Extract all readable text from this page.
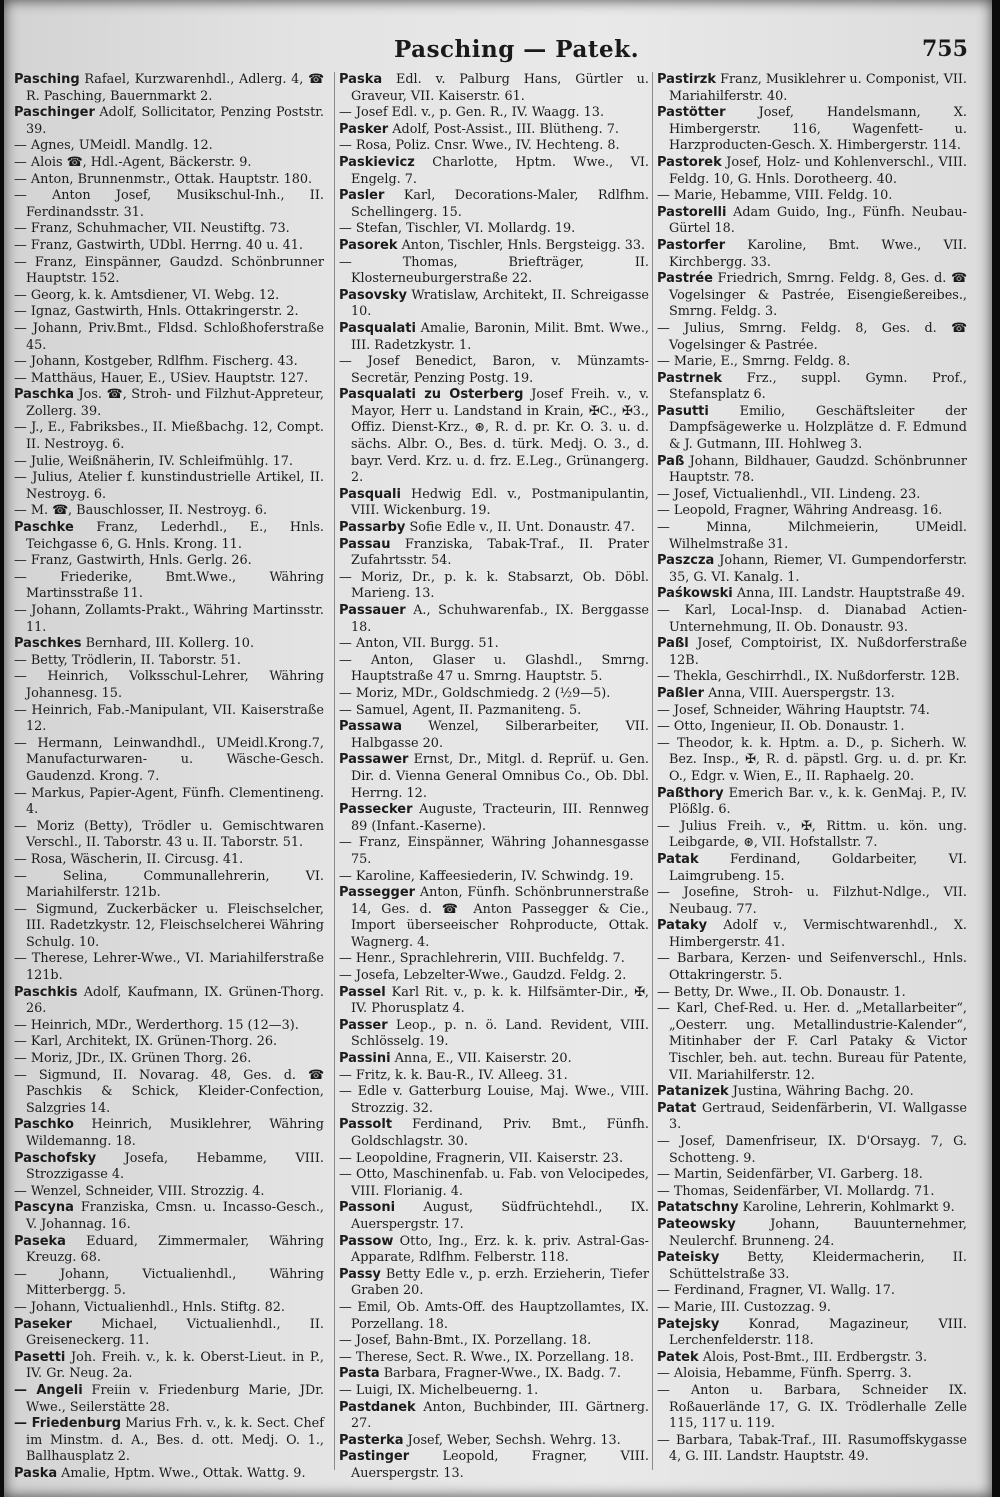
Pasching — Patek.	755

Pasching Rafael, Kurzwarenhdl., Adlerg. 4, ☎ R. Pasching, Bauernmarkt 2.

Paschinger Adolf, Sollicitator, Penzing Poststr. 39.

— Agnes, UMeidl. Mandlg. 12.

— Alois ☎, Hdl.-Agent, Bäckerstr. 9.

— Anton, Brunnenmstr., Ottak. Hauptstr. 180.

— Anton Josef, Musikschul-Inh., II. Ferdinandsstr. 31.

— Franz, Schuhmacher, VII. Neustiftg. 73.

— Franz, Gastwirth, UDbl. Herrng. 40 u. 41.

— Franz, Einspänner, Gaudzd. Schönbrunner Hauptstr. 152.

— Georg, k. k. Amtsdiener, VI. Webg. 12.

— Ignaz, Gastwirth, Hnls. Ottakringerstr. 2.

— Johann, Priv.Bmt., Fldsd. Schloßhoferstraße 45.

— Johann, Kostgeber, Rdlfhm. Fischerg. 43.

— Matthäus, Hauer, E., USiev. Hauptstr. 127.

Paschka Jos. ☎, Stroh- und Filzhut-Appreteur, Zollerg. 39.

— J., E., Fabriksbes., II. Mießbachg. 12, Compt. II. Nestroyg. 6.

— Julie, Weißnäherin, IV. Schleifmühlg. 17.

— Julius, Atelier f. kunstindustrielle Artikel, II. Nestroyg. 6.

— M. ☎, Bauschlosser, II. Nestroyg. 6.

Paschke Franz, Lederhdl., E., Hnls. Teichgasse 6, G. Hnls. Krong. 11.

— Franz, Gastwirth, Hnls. Gerlg. 26.

— Friederike, Bmt.Wwe., Währing Martinsstraße 11.

— Johann, Zollamts-Prakt., Währing Martinsstr. 11.

Paschkes Bernhard, III. Kollerg. 10.

— Betty, Trödlerin, II. Taborstr. 51.

— Heinrich, Volksschul-Lehrer, Währing Johannesg. 15.

— Heinrich, Fab.-Manipulant, VII. Kaiserstraße 12.

— Hermann, Leinwandhdl., UMeidl.Krong.7, Manufacturwaren- u. Wäsche-Gesch. Gaudenzd. Krong. 7.

— Markus, Papier-Agent, Fünfh. Clementineng. 4.

— Moriz (Betty), Trödler u. Gemischtwaren Verschl., II. Taborstr. 43 u. II. Taborstr. 51.

— Rosa, Wäscherin, II. Circusg. 41.

— Selina, Communallehrerin, VI. Mariahilferstr. 121b.

— Sigmund, Zuckerbäcker u. Fleischselcher, III. Radetzkystr. 12, Fleischselcherei Währing Schulg. 10.

— Therese, Lehrer-Wwe., VI. Mariahilferstraße 121b.

Paschkis Adolf, Kaufmann, IX. Grünen-Thorg. 26.

— Heinrich, MDr., Werderthorg. 15 (12—3).

— Karl, Architekt, IX. Grünen-Thorg. 26.

— Moriz, JDr., IX. Grünen Thorg. 26.

— Sigmund, II. Novarag. 48, Ges. d. ☎ Paschkis & Schick, Kleider-Confection, Salzgries 14.

Paschko Heinrich, Musiklehrer, Währing Wildemanng. 18.

Paschofsky Josefa, Hebamme, VIII. Strozzigasse 4.

— Wenzel, Schneider, VIII. Strozzig. 4.

Pascyna Franziska, Cmsn. u. Incasso-Gesch., V. Johannag. 16.

Paseka Eduard, Zimmermaler, Währing Kreuzg. 68.

— Johann, Victualienhdl., Währing Mitterbergg. 5.

— Johann, Victualienhdl., Hnls. Stiftg. 82.

Paseker Michael, Victualienhdl., II. Greiseneckerg. 11.

Pasetti Joh. Freih. v., k. k. Oberst-Lieut. in P., IV. Gr. Neug. 2a.

— Angeli Freiin v. Friedenburg Marie, JDr. Wwe., Seilerstätte 28.

— Friedenburg Marius Frh. v., k. k. Sect. Chef im Minstm. d. A., Bes. d. ott. Medj. O. 1., Ballhausplatz 2.

Paska Amalie, Hptm. Wwe., Ottak. Wattg. 9.

Paska Edl. v. Palburg Hans, Gürtler u. Graveur, VII. Kaiserstr. 61.

— Josef Edl. v., p. Gen. R., IV. Waagg. 13.

Pasker Adolf, Post-Assist., III. Blütheng. 7.

— Rosa, Poliz. Cnsr. Wwe., IV. Hechteng. 8.

Paskievicz Charlotte, Hptm. Wwe., VI. Engelg. 7.

Pasler Karl, Decorations-Maler, Rdlfhm. Schellingerg. 15.

— Stefan, Tischler, VI. Mollardg. 19.

Pasorek Anton, Tischler, Hnls. Bergsteigg. 33.

— Thomas, Briefträger, II. Klosterneuburgerstraße 22.

Pasovsky Wratislaw, Architekt, II. Schreigasse 10.

Pasqualati Amalie, Baronin, Milit. Bmt. Wwe., III. Radetzkystr. 1.

— Josef Benedict, Baron, v. Münzamts-Secretär, Penzing Postg. 19.

Pasqualati zu Osterberg Josef Freih. v., v. Mayor, Herr u. Landstand in Krain, ✠C., ✠3., Offiz. Dienst-Krz., ⊛, R. d. pr. Kr. O. 3. u. d. sächs. Albr. O., Bes. d. türk. Medj. O. 3., d. bayr. Verd. Krz. u. d. frz. E.Leg., Grünangerg. 2.

Pasquali Hedwig Edl. v., Postmanipulantin, VIII. Wickenburg. 19.

Passarby Sofie Edle v., II. Unt. Donaustr. 47.

Passau Franziska, Tabak-Traf., II. Prater Zufahrtsstr. 54.

— Moriz, Dr., p. k. k. Stabsarzt, Ob. Döbl. Marieng. 13.

Passauer A., Schuhwarenfab., IX. Berggasse 18.

— Anton, VII. Burgg. 51.

— Anton, Glaser u. Glashdl., Smrng. Hauptstraße 47 u. Smrng. Hauptstr. 5.

— Moriz, MDr., Goldschmiedg. 2 (½9—5).

— Samuel, Agent, II. Pazmaniteng. 5.

Passawa Wenzel, Silberarbeiter, VII. Halbgasse 20.

Passawer Ernst, Dr., Mitgl. d. Reprüf. u. Gen. Dir. d. Vienna General Omnibus Co., Ob. Dbl. Herrng. 12.

Passecker Auguste, Tracteurin, III. Rennweg 89 (Infant.-Kaserne).

— Franz, Einspänner, Währing Johannesgasse 75.

— Karoline, Kaffeesiederin, IV. Schwindg. 19.

Passegger Anton, Fünfh. Schönbrunnerstraße 14, Ges. d. ☎ Anton Passegger & Cie., Import überseeischer Rohproducte, Ottak. Wagnerg. 4.

— Henr., Sprachlehrerin, VIII. Buchfeldg. 7.

— Josefa, Lebzelter-Wwe., Gaudzd. Feldg. 2.

Passel Karl Rit. v., p. k. k. Hilfsämter-Dir., ✠, IV. Phorusplatz 4.

Passer Leop., p. n. ö. Land. Revident, VIII. Schlösselg. 19.

Passini Anna, E., VII. Kaiserstr. 20.

— Fritz, k. k. Bau-R., IV. Alleeg. 31.

— Edle v. Gatterburg Louise, Maj. Wwe., VIII. Strozzig. 32.

Passolt Ferdinand, Priv. Bmt., Fünfh. Goldschlagstr. 30.

— Leopoldine, Fragnerin, VII. Kaiserstr. 23.

— Otto, Maschinenfab. u. Fab. von Velocipedes, VIII. Florianig. 4.

Passoni August, Südfrüchtehdl., IX. Auerspergstr. 17.

Passow Otto, Ing., Erz. k. k. priv. Astral-Gas-Apparate, Rdlfhm. Felberstr. 118.

Passy Betty Edle v., p. erzh. Erzieherin, Tiefer Graben 20.

— Emil, Ob. Amts-Off. des Hauptzollamtes, IX. Porzellang. 18.

— Josef, Bahn-Bmt., IX. Porzellang. 18.

— Therese, Sect. R. Wwe., IX. Porzellang. 18.

Pasta Barbara, Fragner-Wwe., IX. Badg. 7.

— Luigi, IX. Michelbeuerng. 1.

Pastdanek Anton, Buchbinder, III. Gärtnerg. 27.

Pasterka Josef, Weber, Sechsh. Wehrg. 13.

Pastinger Leopold, Fragner, VIII. Auerspergstr. 13.

Pastirzk Franz, Musiklehrer u. Componist, VII. Mariahilferstr. 40.

Pastötter Josef, Handelsmann, X. Himbergerstr. 116, Wagenfett- u. Harzproducten-Gesch. X. Himbergerstr. 114.

Pastorek Josef, Holz- und Kohlenverschl., VIII. Feldg. 10, G. Hnls. Dorotheerg. 40.

— Marie, Hebamme, VIII. Feldg. 10.

Pastorelli Adam Guido, Ing., Fünfh. Neubau-Gürtel 18.

Pastorfer Karoline, Bmt. Wwe., VII. Kirchbergg. 33.

Pastrée Friedrich, Smrng. Feldg. 8, Ges. d. ☎ Vogelsinger & Pastrée, Eisengießereibes., Smrng. Feldg. 3.

— Julius, Smrng. Feldg. 8, Ges. d. ☎ Vogelsinger & Pastrée.

— Marie, E., Smrng. Feldg. 8.

Pastrnek Frz., suppl. Gymn. Prof., Stefansplatz 6.

Pasutti Emilio, Geschäftsleiter der Dampfsägewerke u. Holzplätze d. F. Edmund & J. Gutmann, III. Hohlweg 3.

Paß Johann, Bildhauer, Gaudzd. Schönbrunner Hauptstr. 78.

— Josef, Victualienhdl., VII. Lindeng. 23.

— Leopold, Fragner, Währing Andreasg. 16.

— Minna, Milchmeierin, UMeidl. Wilhelmstraße 31.

Paszcza Johann, Riemer, VI. Gumpendorferstr. 35, G. VI. Kanalg. 1.

Paśkowski Anna, III. Landstr. Hauptstraße 49.

— Karl, Local-Insp. d. Dianabad Actien-Unternehmung, II. Ob. Donaustr. 93.

Paßl Josef, Comptoirist, IX. Nußdorferstraße 12B.

— Thekla, Geschirrhdl., IX. Nußdorferstr. 12B.

Paßler Anna, VIII. Auerspergstr. 13.

— Josef, Schneider, Währing Hauptstr. 74.

— Otto, Ingenieur, II. Ob. Donaustr. 1.

— Theodor, k. k. Hptm. a. D., p. Sicherh. W. Bez. Insp., ✠, R. d. päpstl. Grg. u. d. pr. Kr. O., Edgr. v. Wien, E., II. Raphaelg. 20.

Paßthory Emerich Bar. v., k. k. GenMaj. P., IV. Plößlg. 6.

— Julius Freih. v., ✠, Rittm. u. kön. ung. Leibgarde, ⊛, VII. Hofstallstr. 7.

Patak Ferdinand, Goldarbeiter, VI. Laimgrubeng. 15.

— Josefine, Stroh- u. Filzhut-Ndlge., VII. Neubaug. 77.

Pataky Adolf v., Vermischtwarenhdl., X. Himbergerstr. 41.

— Barbara, Kerzen- und Seifenverschl., Hnls. Ottakringerstr. 5.

— Betty, Dr. Wwe., II. Ob. Donaustr. 1.

— Karl, Chef-Red. u. Her. d. „Metallarbeiter“, „Oesterr. ung. Metallindustrie-Kalender“, Mitinhaber der F. Carl Pataky & Victor Tischler, beh. aut. techn. Bureau für Patente, VII. Mariahilferstr. 12.

Patanizek Justina, Währing Bachg. 20.

Patat Gertraud, Seidenfärberin, VI. Wallgasse 3.

— Josef, Damenfriseur, IX. D'Orsayg. 7, G. Schotteng. 9.

— Martin, Seidenfärber, VI. Garberg. 18.

— Thomas, Seidenfärber, VI. Mollardg. 71.

Patatschny Karoline, Lehrerin, Kohlmarkt 9.

Pateowsky Johann, Bauunternehmer, Neulerchf. Brunneng. 24.

Pateisky Betty, Kleidermacherin, II. Schüttelstraße 33.

— Ferdinand, Fragner, VI. Wallg. 17.

— Marie, III. Custozzag. 9.

Patejsky Konrad, Magazineur, VIII. Lerchenfelderstr. 118.

Patek Alois, Post-Bmt., III. Erdbergstr. 3.

— Aloisia, Hebamme, Fünfh. Sperrg. 3.

— Anton u. Barbara, Schneider IX. Roßauerlände 17, G. IX. Trödlerhalle Zelle 115, 117 u. 119.

— Barbara, Tabak-Traf., III. Rasumoffskygasse 4, G. III. Landstr. Hauptstr. 49.
